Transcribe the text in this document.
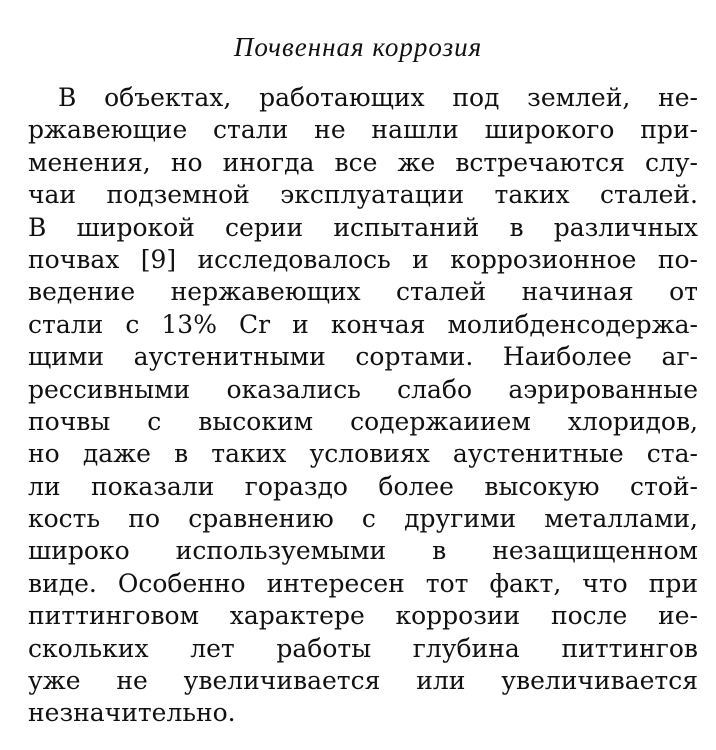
Почвенная коррозия
В объектах, работающих под землей, не-
ржавеющие стали не нашли широкого при-
менения, но иногда все же встречаются слу-
чаи подземной эксплуатации таких сталей.
В широкой серии испытаний в различных
почвах [9] исследовалось и коррозионное по-
ведение нержавеющих сталей начиная от
стали с 13% Cr и кончая молибденсодержа-
щими аустенитными сортами. Наиболее аг-
рессивными оказались слабо аэрированные
почвы с высоким содержаиием хлоридов,
но даже в таких условиях аустенитные ста-
ли показали гораздо более высокую стой-
кость по сравнению с другими металлами,
широко используемыми в незащищенном
виде. Особенно интересен тот факт, что при
питтинговом характере коррозии после ие-
скольких лет работы глубина питтингов
уже не увеличивается или увеличивается
незначительно.
